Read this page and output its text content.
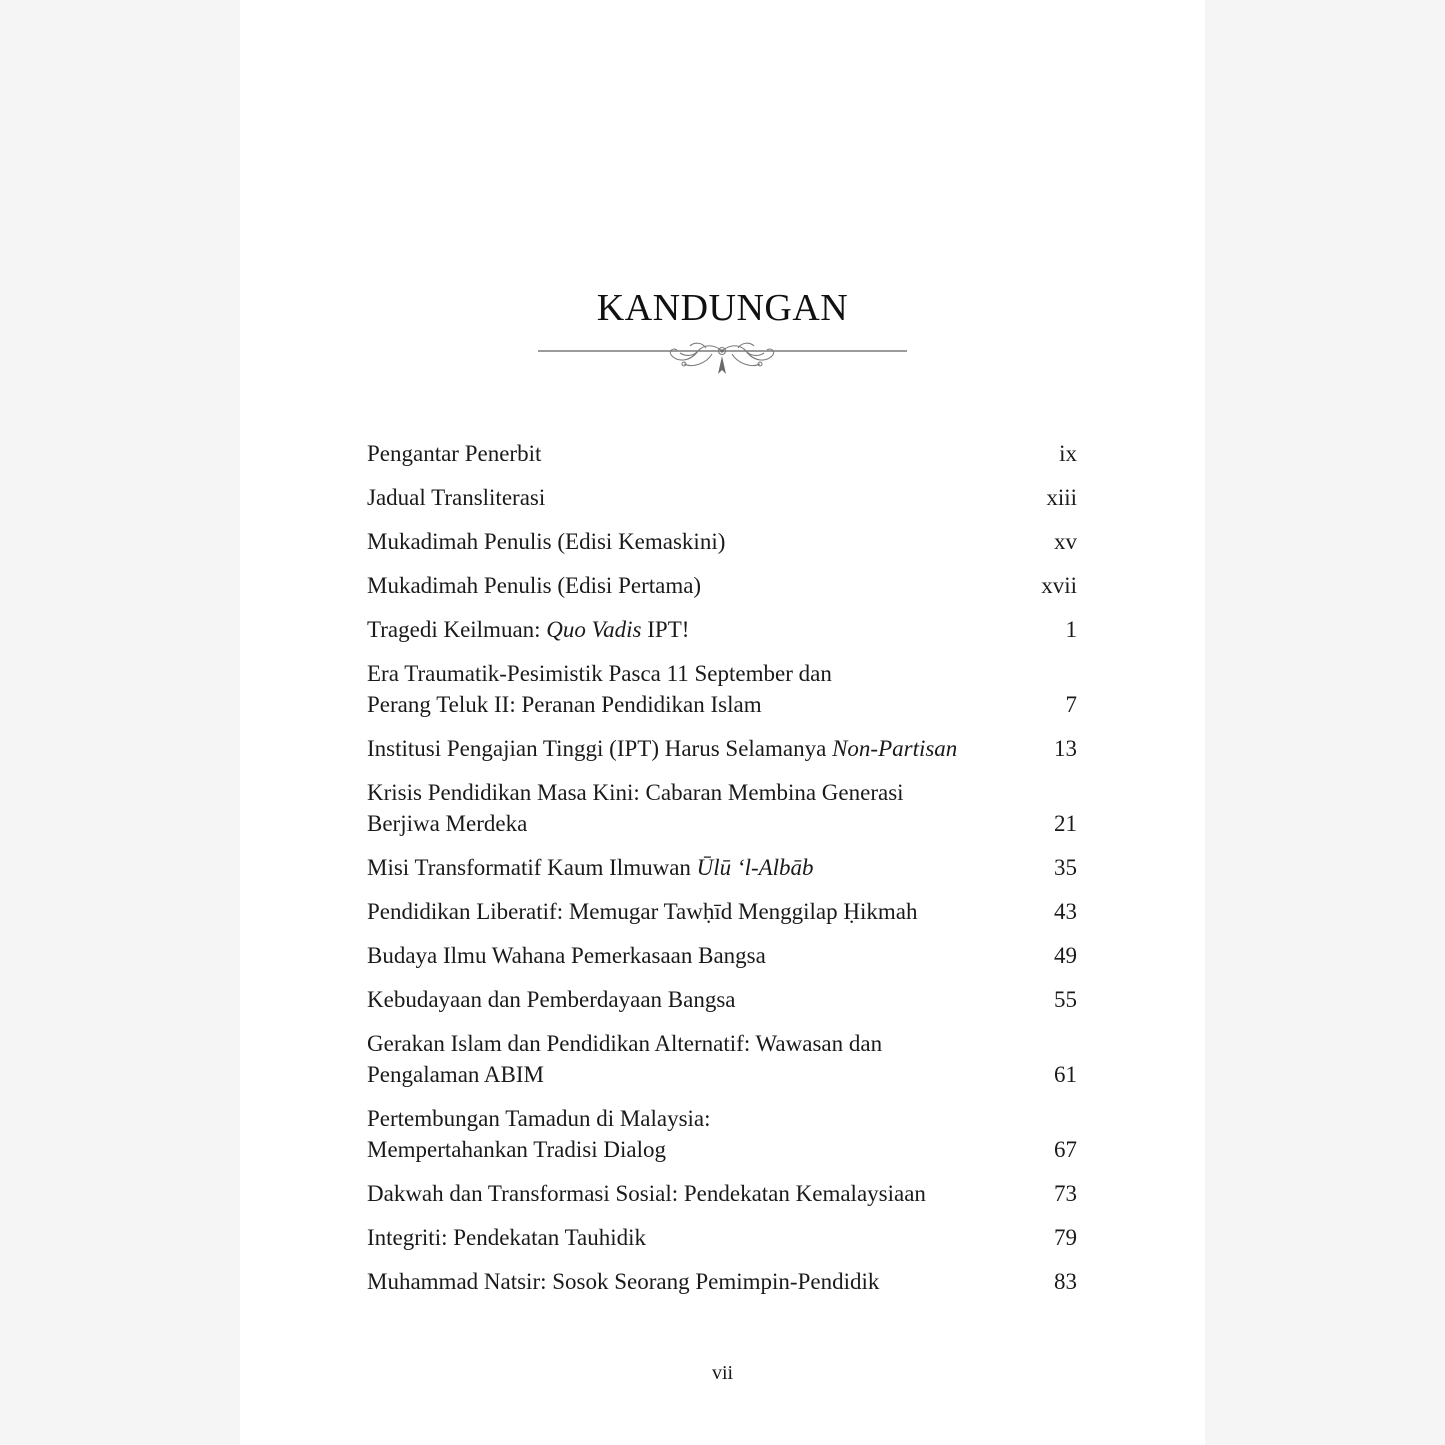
KANDUNGAN
Pengantar Penerbit	ix
Jadual Transliterasi	xiii
Mukadimah Penulis (Edisi Kemaskini)	xv
Mukadimah Penulis (Edisi Pertama)	xvii
Tragedi Keilmuan: Quo Vadis IPT!	1
Era Traumatik-Pesimistik Pasca 11 September dan
Perang Teluk II: Peranan Pendidikan Islam	7
Institusi Pengajian Tinggi (IPT) Harus Selamanya Non-Partisan	13
Krisis Pendidikan Masa Kini: Cabaran Membina Generasi
Berjiwa Merdeka	21
Misi Transformatif Kaum Ilmuwan Ūlū ‘l-Albāb	35
Pendidikan Liberatif: Memugar Tawḥīd Menggilap Ḥikmah	43
Budaya Ilmu Wahana Pemerkasaan Bangsa	49
Kebudayaan dan Pemberdayaan Bangsa	55
Gerakan Islam dan Pendidikan Alternatif: Wawasan dan
Pengalaman ABIM	61
Pertembungan Tamadun di Malaysia:
Mempertahankan Tradisi Dialog	67
Dakwah dan Transformasi Sosial: Pendekatan Kemalaysiaan	73
Integriti: Pendekatan Tauhidik	79
Muhammad Natsir: Sosok Seorang Pemimpin-Pendidik	83
vii
